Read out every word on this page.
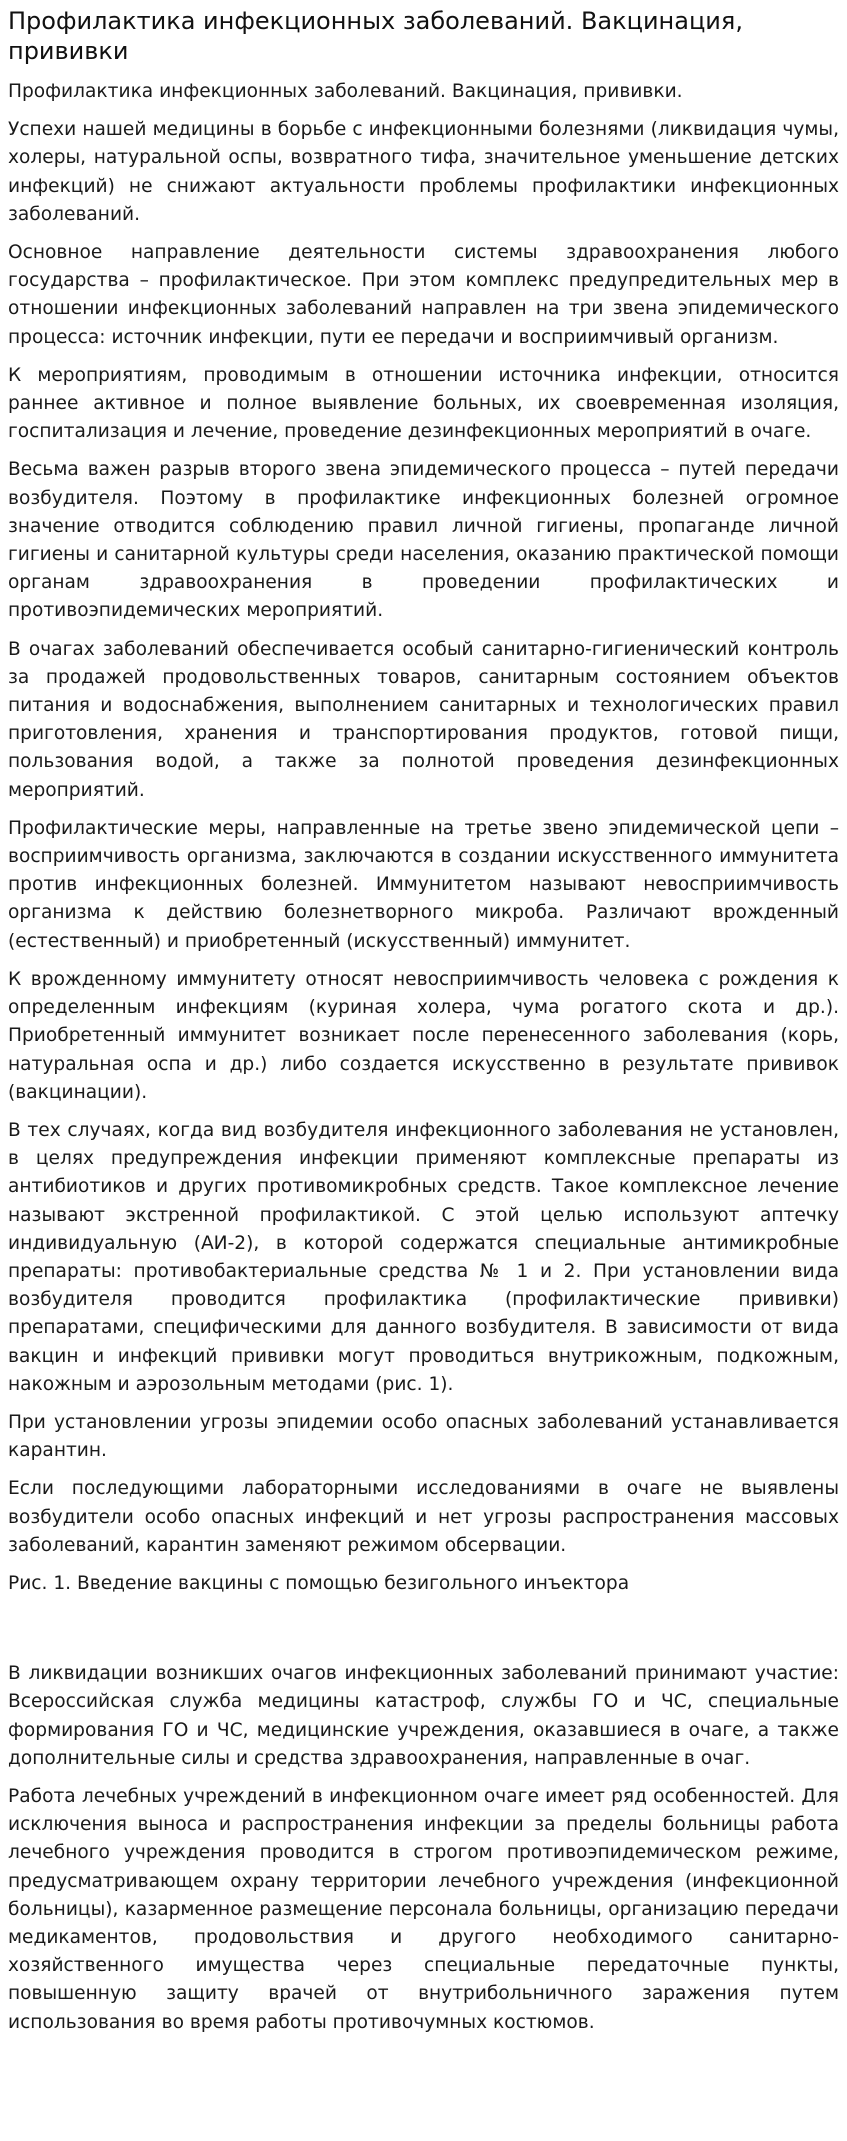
Профилактика инфекционных заболеваний. Вакцинация, прививки

Профилактика инфекционных заболеваний. Вакцинация, прививки.

Успехи нашей медицины в борьбе с инфекционными болезнями (ликвидация чумы, холеры, натуральной оспы, возвратного тифа, значительное уменьшение детских инфекций) не снижают актуальности проблемы профилактики инфекционных заболеваний.

Основное направление деятельности системы здравоохранения любого государства – профилактическое. При этом комплекс предупредительных мер в отношении инфекционных заболеваний направлен на три звена эпидемического процесса: источник инфекции, пути ее передачи и восприимчивый организм.

К мероприятиям, проводимым в отношении источника инфекции, относится раннее активное и полное выявление больных, их своевременная изоляция, госпитализация и лечение, проведение дезинфекционных мероприятий в очаге.

Весьма важен разрыв второго звена эпидемического процесса – путей передачи возбудителя. Поэтому в профилактике инфекционных болезней огромное значение отводится соблюдению правил личной гигиены, пропаганде личной гигиены и санитарной культуры среди населения, оказанию практической помощи органам здравоохранения в проведении профилактических и противоэпидемических мероприятий.

В очагах заболеваний обеспечивается особый санитарно-гигиенический контроль за продажей продовольственных товаров, санитарным состоянием объектов питания и водоснабжения, выполнением санитарных и технологических правил приготовления, хранения и транспортирования продуктов, готовой пищи, пользования водой, а также за полнотой проведения дезинфекционных мероприятий.

Профилактические меры, направленные на третье звено эпидемической цепи – восприимчивость организма, заключаются в создании искусственного иммунитета против инфекционных болезней. Иммунитетом называют невосприимчивость организма к действию болезнетворного микроба. Различают врожденный (естественный) и приобретенный (искусственный) иммунитет.

К врожденному иммунитету относят невосприимчивость человека с рождения к определенным инфекциям (куриная холера, чума рогатого скота и др.). Приобретенный иммунитет возникает после перенесенного заболевания (корь, натуральная оспа и др.) либо создается искусственно в результате прививок (вакцинации).

В тех случаях, когда вид возбудителя инфекционного заболевания не установлен, в целях предупреждения инфекции применяют комплексные препараты из антибиотиков и других противомикробных средств. Такое комплексное лечение называют экстренной профилактикой. С этой целью используют аптечку индивидуальную (АИ-2), в которой содержатся специальные антимикробные препараты: противобактериальные средства № 1 и 2. При установлении вида возбудителя проводится профилактика (профилактические прививки) препаратами, специфическими для данного возбудителя. В зависимости от вида вакцин и инфекций прививки могут проводиться внутрикожным, подкожным, накожным и аэрозольным методами (рис. 1).

При установлении угрозы эпидемии особо опасных заболеваний устанавливается карантин.

Если последующими лабораторными исследованиями в очаге не выявлены возбудители особо опасных инфекций и нет угрозы распространения массовых заболеваний, карантин заменяют режимом обсервации.

Рис. 1. Введение вакцины с помощью безигольного инъектора

В ликвидации возникших очагов инфекционных заболеваний принимают участие: Всероссийская служба медицины катастроф, службы ГО и ЧС, специальные формирования ГО и ЧС, медицинские учреждения, оказавшиеся в очаге, а также дополнительные силы и средства здравоохранения, направленные в очаг.

Работа лечебных учреждений в инфекционном очаге имеет ряд особенностей. Для исключения выноса и распространения инфекции за пределы больницы работа лечебного учреждения проводится в строгом противоэпидемическом режиме, предусматривающем охрану территории лечебного учреждения (инфекционной больницы), казарменное размещение персонала больницы, организацию передачи медикаментов, продовольствия и другого необходимого санитарно-хозяйственного имущества через специальные передаточные пункты, повышенную защиту врачей от внутрибольничного заражения путем использования во время работы противочумных костюмов.
